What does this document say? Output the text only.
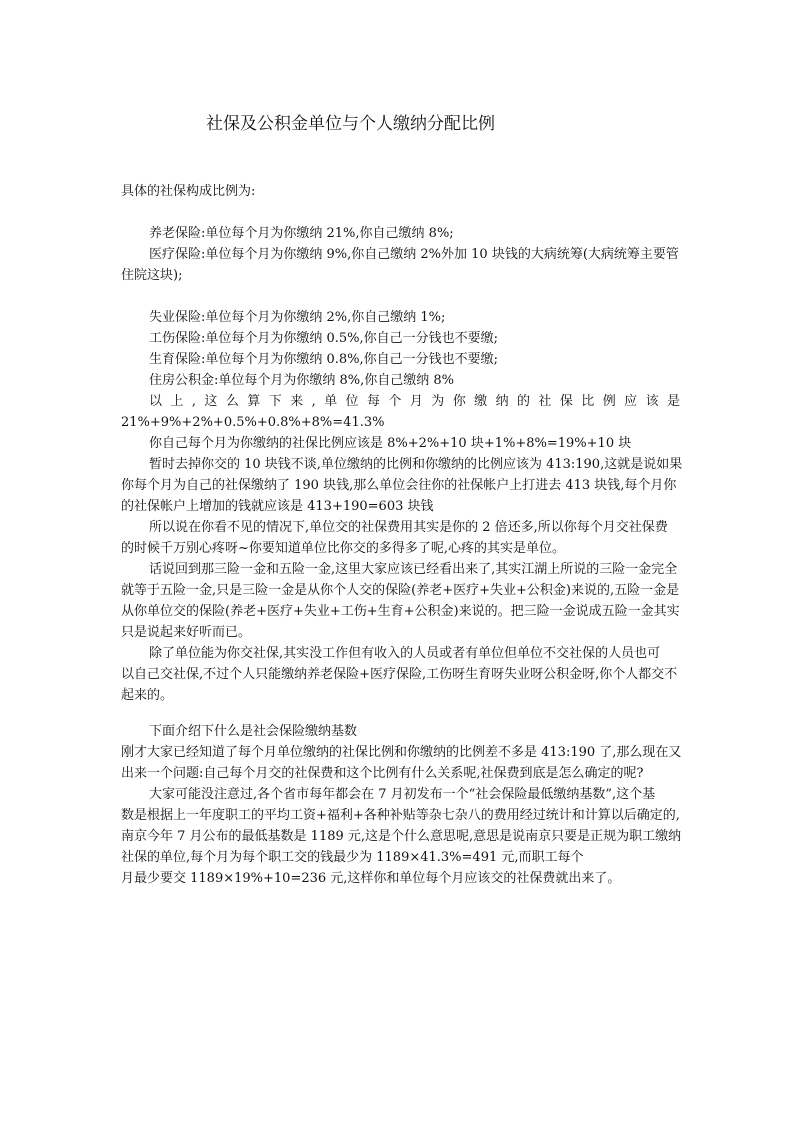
社保及公积金单位与个人缴纳分配比例

具体的社保构成比例为:

养老保险:单位每个月为你缴纳 21%,你自己缴纳 8%;

医疗保险:单位每个月为你缴纳 9%,你自己缴纳 2%外加 10 块钱的大病统筹(大病统筹主要管住院这块);

失业保险:单位每个月为你缴纳 2%,你自己缴纳 1%;

工伤保险:单位每个月为你缴纳 0.5%,你自己一分钱也不要缴;

生育保险:单位每个月为你缴纳 0.8%,你自己一分钱也不要缴;

住房公积金:单位每个月为你缴纳 8%,你自己缴纳 8%

以上,这么算下来,单位每个月为你缴纳的社保比例应该是

21%+9%+2%+0.5%+0.8%+8%=41.3%

你自己每个月为你缴纳的社保比例应该是 8%+2%+10 块+1%+8%=19%+10 块

暂时去掉你交的 10 块钱不谈,单位缴纳的比例和你缴纳的比例应该为 413:190,这就是说如果

你每个月为自己的社保缴纳了 190 块钱,那么单位会往你的社保帐户上打进去 413 块钱,每个月你的社保帐户上增加的钱就应该是 413+190=603 块钱

所以说在你看不见的情况下,单位交的社保费用其实是你的 2 倍还多,所以你每个月交社保费

的时候千万别心疼呀~你要知道单位比你交的多得多了呢,心疼的其实是单位。

话说回到那三险一金和五险一金,这里大家应该已经看出来了,其实江湖上所说的三险一金完全就等于五险一金,只是三险一金是从你个人交的保险(养老+医疗+失业+公积金)来说的,五险一金是从你单位交的保险(养老+医疗+失业+工伤+生育+公积金)来说的。把三险一金说成五险一金其实只是说起来好听而已。

除了单位能为你交社保,其实没工作但有收入的人员或者有单位但单位不交社保的人员也可

以自己交社保,不过个人只能缴纳养老保险+医疗保险,工伤呀生育呀失业呀公积金呀,你个人都交不起来的。

下面介绍下什么是社会保险缴纳基数

刚才大家已经知道了每个月单位缴纳的社保比例和你缴纳的比例差不多是 413:190 了,那么现在又出来一个问题:自己每个月交的社保费和这个比例有什么关系呢,社保费到底是怎么确定的呢?

大家可能没注意过,各个省市每年都会在 7 月初发布一个“社会保险最低缴纳基数”,这个基

数是根据上一年度职工的平均工资+福利+各种补贴等杂七杂八的费用经过统计和计算以后确定的,南京今年 7 月公布的最低基数是 1189 元,这是个什么意思呢,意思是说南京只要是正规为职工缴纳社保的单位,每个月为每个职工交的钱最少为 1189×41.3%=491 元,而职工每个

月最少要交 1189×19%+10=236 元,这样你和单位每个月应该交的社保费就出来了。
